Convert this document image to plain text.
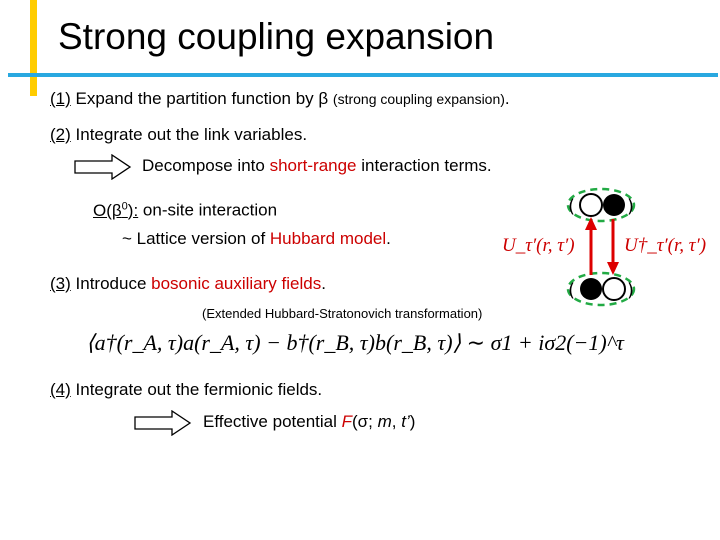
Strong coupling expansion
(1) Expand the partition function by β (strong coupling expansion).
(2) Integrate out the link variables.
Decompose into short-range interaction terms.
$O(\beta^0)$: on-site interaction
~ Lattice version of Hubbard model.
(3) Introduce bosonic auxiliary fields.
(Extended Hubbard-Stratonovich transformation)
⟨a†(r_A, τ)a(r_A, τ) − b†(r_B, τ)b(r_B, τ)⟩ ∼ σ1 + iσ2(−1)^τ
(4) Integrate out the fermionic fields.
Effective potential F(σ; m, t’)
(	)
(	)
U_τ′(r, τ′)	U†_τ′(r, τ′)
